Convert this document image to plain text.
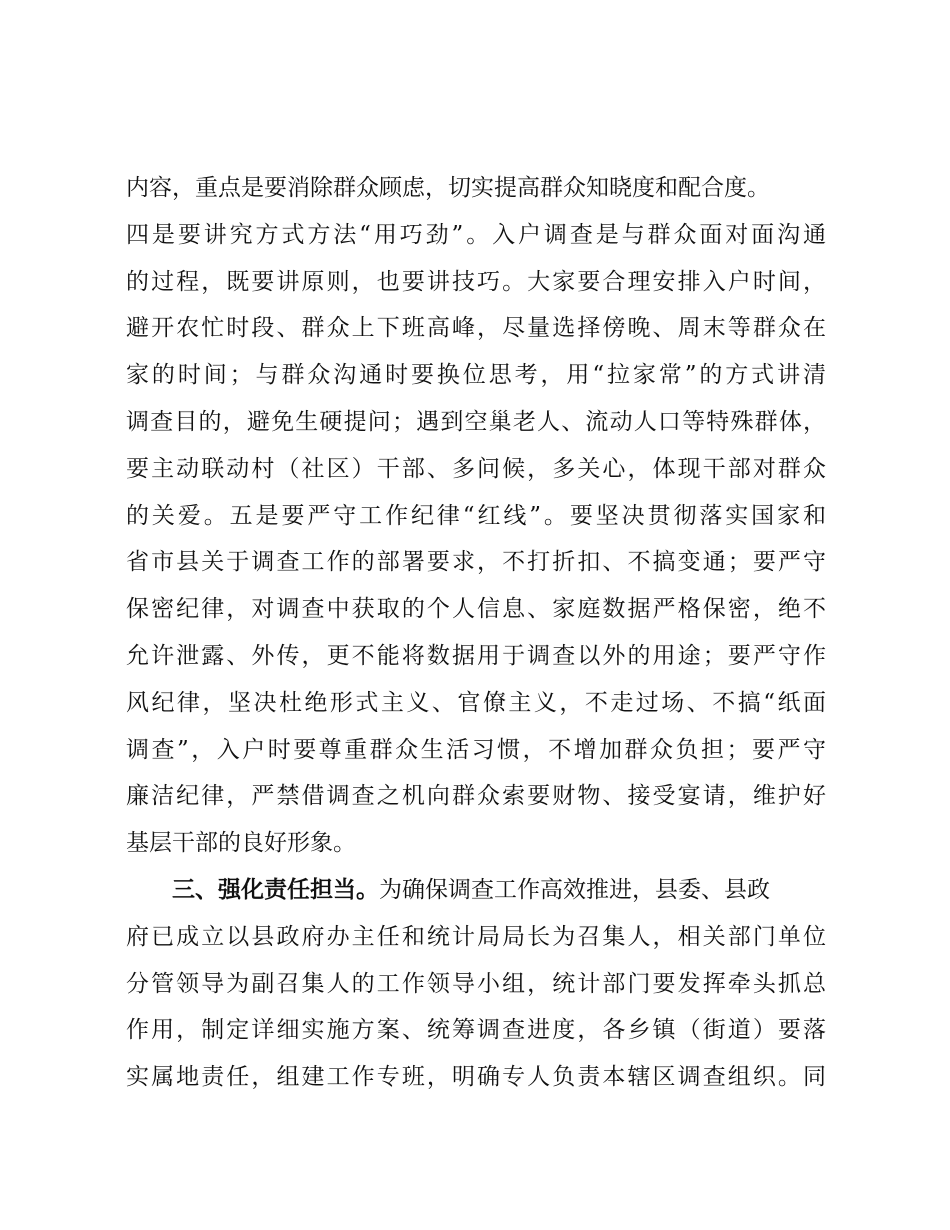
内容，重点是要消除群众顾虑，切实提高群众知晓度和配合度。
四是要讲究方式方法“用巧劲”。入户调查是与群众面对面沟通
的过程，既要讲原则，也要讲技巧。大家要合理安排入户时间，
避开农忙时段、群众上下班高峰，尽量选择傍晚、周末等群众在
家的时间；与群众沟通时要换位思考，用“拉家常”的方式讲清
调查目的，避免生硬提问；遇到空巢老人、流动人口等特殊群体，
要主动联动村（社区）干部、多问候，多关心，体现干部对群众
的关爱。五是要严守工作纪律“红线”。要坚决贯彻落实国家和
省市县关于调查工作的部署要求，不打折扣、不搞变通；要严守
保密纪律，对调查中获取的个人信息、家庭数据严格保密，绝不
允许泄露、外传，更不能将数据用于调查以外的用途；要严守作
风纪律，坚决杜绝形式主义、官僚主义，不走过场、不搞“纸面
调查”，入户时要尊重群众生活习惯，不增加群众负担；要严守
廉洁纪律，严禁借调查之机向群众索要财物、接受宴请，维护好
基层干部的良好形象。
三、强化责任担当。 为确保调查工作高效推进，县委、县政
府已成立以县政府办主任和统计局局长为召集人，相关部门单位
分管领导为副召集人的工作领导小组，统计部门要发挥牵头抓总
作用，制定详细实施方案、统筹调查进度，各乡镇（街道）要落
实属地责任，组建工作专班，明确专人负责本辖区调查组织。同
